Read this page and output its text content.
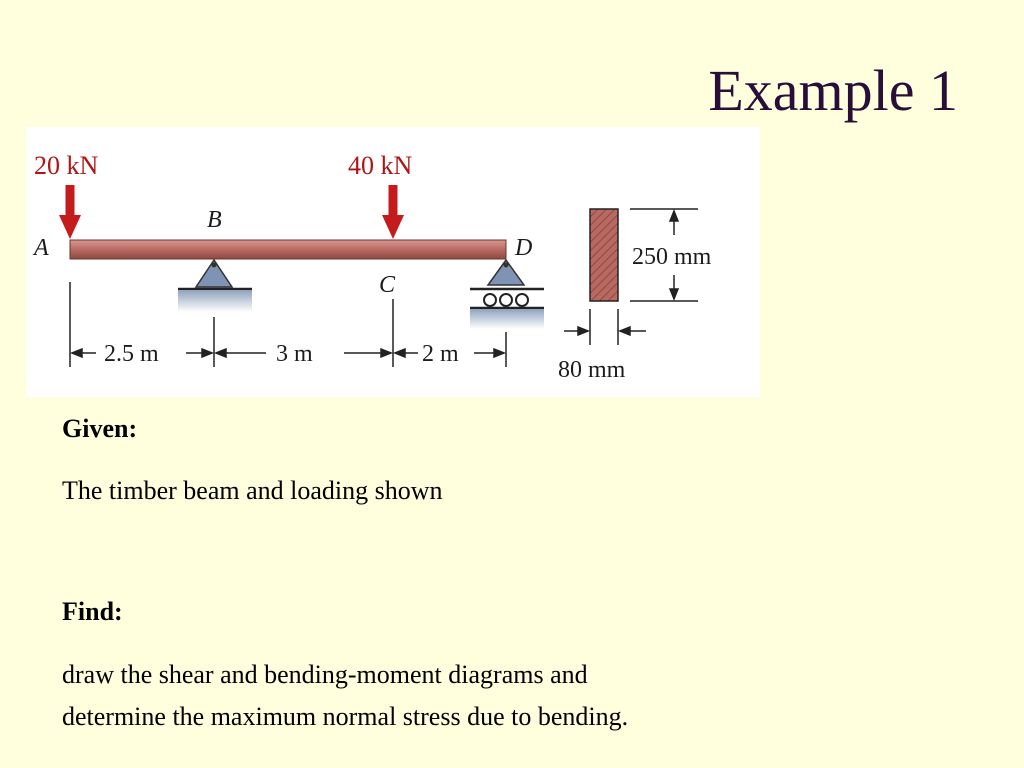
Example 1
20 kN	40 kN
A
B
C
D
2.5 m	3 m	2 m
250 mm
80 mm
Given:
The timber beam and loading shown
Find:
draw the shear and bending-moment diagrams and
determine the maximum normal stress due to bending.
